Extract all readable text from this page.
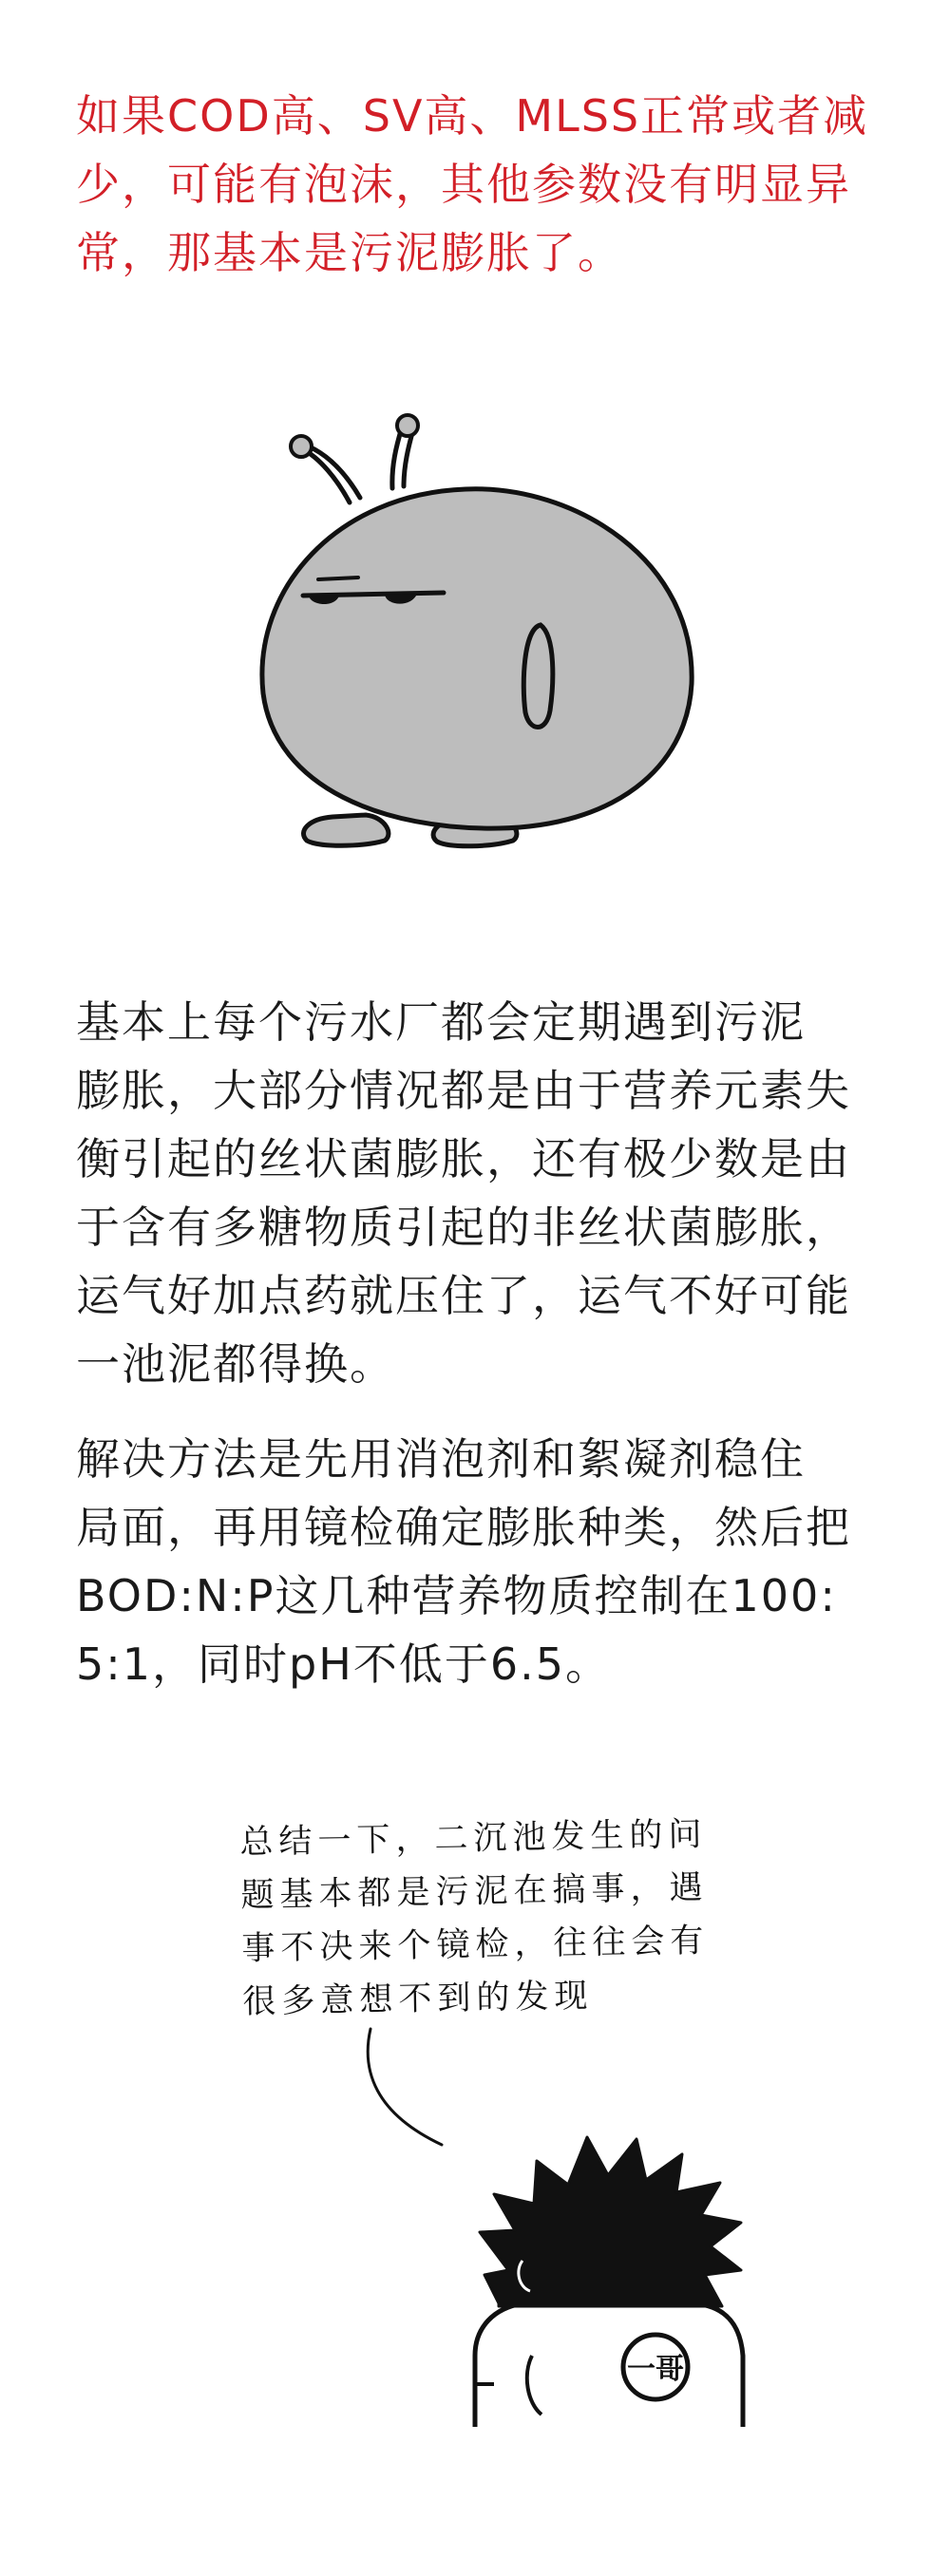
如果COD高、SV高、MLSS正常或者减
少，可能有泡沫，其他参数没有明显异
常，那基本是污泥膨胀了。
基本上每个污水厂都会定期遇到污泥
膨胀，大部分情况都是由于营养元素失
衡引起的丝状菌膨胀，还有极少数是由
于含有多糖物质引起的非丝状菌膨胀，
运气好加点药就压住了，运气不好可能
一池泥都得换。
解决方法是先用消泡剂和絮凝剂稳住
局面，再用镜检确定膨胀种类，然后把
BOD:N:P这几种营养物质控制在100:
5:1，同时pH不低于6.5。
总结一下，二沉池发生的问
题基本都是污泥在搞事，遇
事不决来个镜检，往往会有
很多意想不到的发现
一哥
